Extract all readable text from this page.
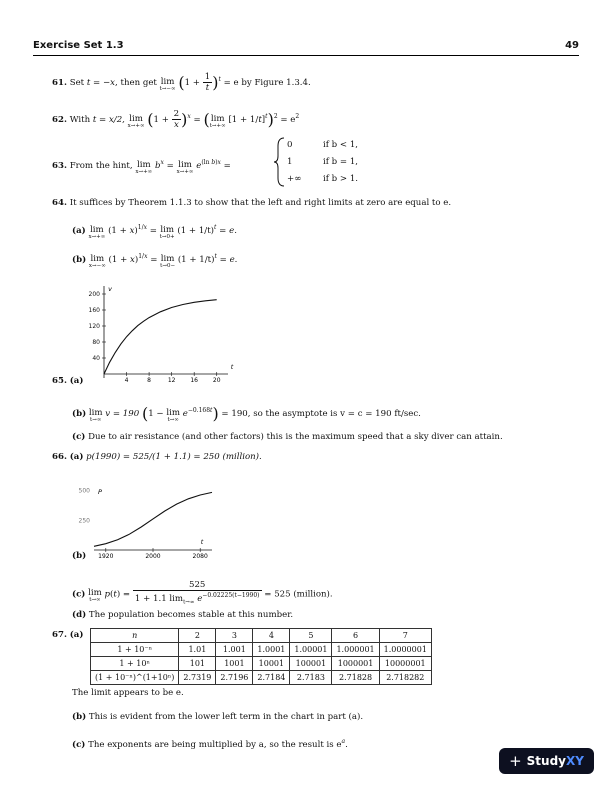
Exercise Set 1.3	49
61. Set t = −x, then get lim
t→−∞ $(1 + \frac{1}{t} )^t = e$ by Figure 1.3.4.
62. With t = x/2, lim
x→+∞ $(1 + \frac{2}{x} )^x = (\lim$
t→+∞
$[1 + 1/t]^t)^2 = e^2$
63. From the hint, lim
x→+∞
$b^x = \lim$
x→+∞
$e^{(ln b)x}$ =
0	if b < 1,
1	if b = 1,
+∞	if b > 1.
64. It suffices by Theorem 1.1.3 to show that the left and right limits at zero are equal to e.
(a) lim
x→+∞
$(1 + x)^{1/x} = \lim$
t→0+
$(1 + 1/t)^t = e$.
(b) lim
x→−∞
$(1 + x)^{1/x} = \lim$
t→0−
$(1 + 1/t)^t = e$.
4	8	12 16 20
40
80
120
160
200
t
v
65. (a)
(b) lim
t→∞
v = 190 (1 − lim
t→∞
$e^{-0.168t}) = 190$, so the asymptote is v = c = 190 ft/sec.
(c) Due to air resistance (and other factors) this is the maximum speed that a sky diver can attain.
66. (a) p(1990) = 525/(1 + 1.1) = 250 (million).
1920	2000	2080
250
500
t
P
(b)
(c) lim
t→∞
$p(t) = \frac{525}{1 + 1.1 \lim_{t\to\infty} e^{-0.02225(t-1990)}} = 525$ (million).
(d) The population becomes stable at this number.
67. (a)	n	2	3	4	5	6	7
1 + 10⁻ⁿ	1.01	1.001	1.0001	1.00001	1.000001	1.0000001
1 + 10ⁿ	101	1001	10001	100001	1000001	10000001
(1 + 10⁻ⁿ)^(1+10ⁿ)	2.7319	2.7196	2.7184	2.7183	2.71828	2.718282
The limit appears to be e.
(b) This is evident from the lower left term in the chart in part (a).
(c) The exponents are being multiplied by a, so the result is $e^a$.
+ Study XY
